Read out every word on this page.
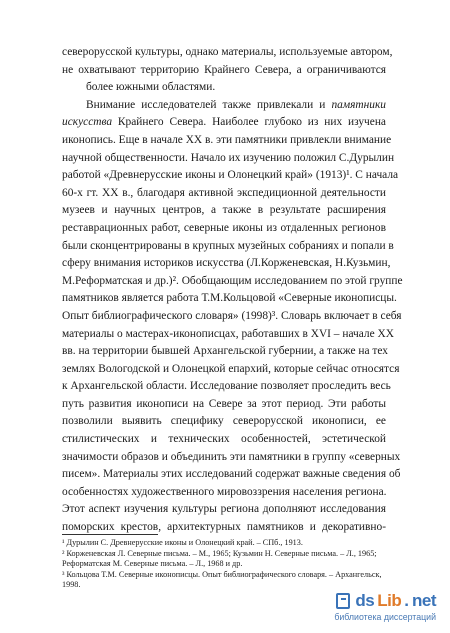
северорусской культуры, однако материалы, используемые автором,
не охватывают территорию Крайнего Севера, а ограничиваются
более южными областями.
Внимание исследователей также привлекали и памятники
искусства Крайнего Севера. Наиболее глубоко из них изучена
иконопись. Еще в начале XX в. эти памятники привлекли внимание
научной общественности. Начало их изучению положил С.Дурылин
работой «Древнерусские иконы и Олонецкий край» (1913)¹. С начала
60-х гт. XX в., благодаря активной экспедиционной деятельности
музеев и научных центров, а также в результате расширения
реставрационных работ, северные иконы из отдаленных регионов
были сконцентрированы в крупных музейных собраниях и попали в
сферу внимания историков искусства (Л.Корженевская, Н.Кузьмин,
М.Реформатская и др.)². Обобщающим исследованием по этой группе
памятников является работа Т.М.Кольцовой «Северные иконописцы.
Опыт библиографического словаря» (1998)³. Словарь включает в себя
материалы о мастерах-иконописцах, работавших в XVI – начале XX
вв. на территории бывшей Архангельской губернии, а также на тех
землях Вологодской и Олонецкой епархий, которые сейчас относятся
к Архангельской области. Исследование позволяет проследить весь
путь развития иконописи на Севере за этот период. Эти работы
позволили выявить специфику северорусской иконописи, ее
стилистических и технических особенностей, эстетической
значимости образов и объединить эти памятники в группу «северных
писем». Материалы этих исследований содержат важные сведения об
особенностях художественного мировоззрения населения региона.
Этот аспект изучения культуры региона дополняют исследования
поморских крестов, архитектурных памятников и декоративно-
¹ Дурылин С. Древнерусские иконы и Олонецкий край. – СПб., 1913.
² Корженевская Л. Северные письма. – М., 1965; Кузьмин Н. Северные письма. – Л., 1965;
Реформатская М. Северные письма. – Л., 1968 и др.
³ Кольцова Т.М. Северные иконописцы. Опыт библиографического словаря. – Архангельск,
1998.
ds Lib . net
библиотека диссертаций
